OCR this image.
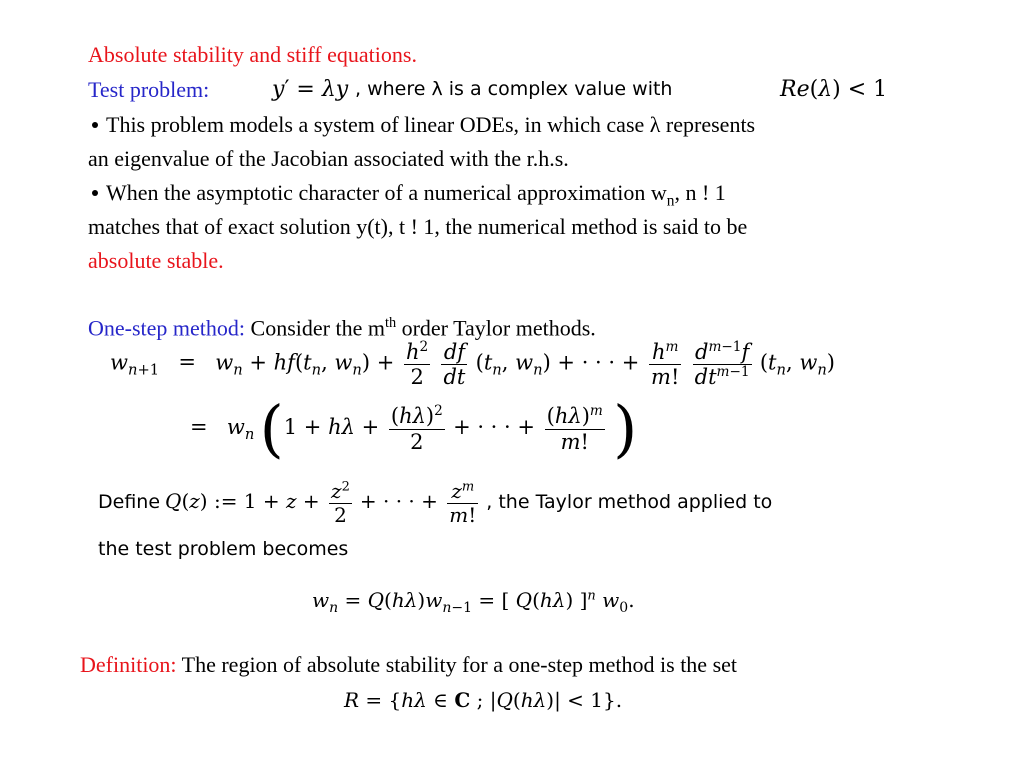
Absolute stability and stiff equations.
Test problem:	y′ = λy , where λ is a complex value with	Re(λ) < 1
This problem models a system of linear ODEs, in which case λ represents
an eigenvalue of the Jacobian associated with the r.h.s.
When the asymptotic character of a numerical approximation $w_n$, n ! 1
matches that of exact solution y(t), t ! 1, the numerical method is said to be
absolute stable.
One-step method: Consider the $m^{th}$ order Taylor methods.
$w_{n+1} = w_n + hf(t_n$, $w_n) + \frac{h^2}{2}$
$\frac{df}{dt} (t_n$, $w_n$) + · · · + $\frac{h^m}{m!}$
$\frac{d^{m-1}f}{dt^{m-1}} (t_n$, $w_n$)
= $w_n$ ($1 + h\lambda + \frac{(h\lambda)^2}{2}$ + · · · + $\frac{(h\lambda)^m}{m!}$ )
Define Q(z) := $1 + z + \frac{z^2}{2}$ + · · · + $\frac{z^m}{m!}$ , the Taylor method applied to
the test problem becomes
$w_n = Q(h\lambda)w_{n-1}$ = [ Q(hλ) ]$^n$ $w_0$.
Definition: The region of absolute stability for a one-step method is the set
R = {hλ ∈ C ; |Q(hλ)| < 1}.
